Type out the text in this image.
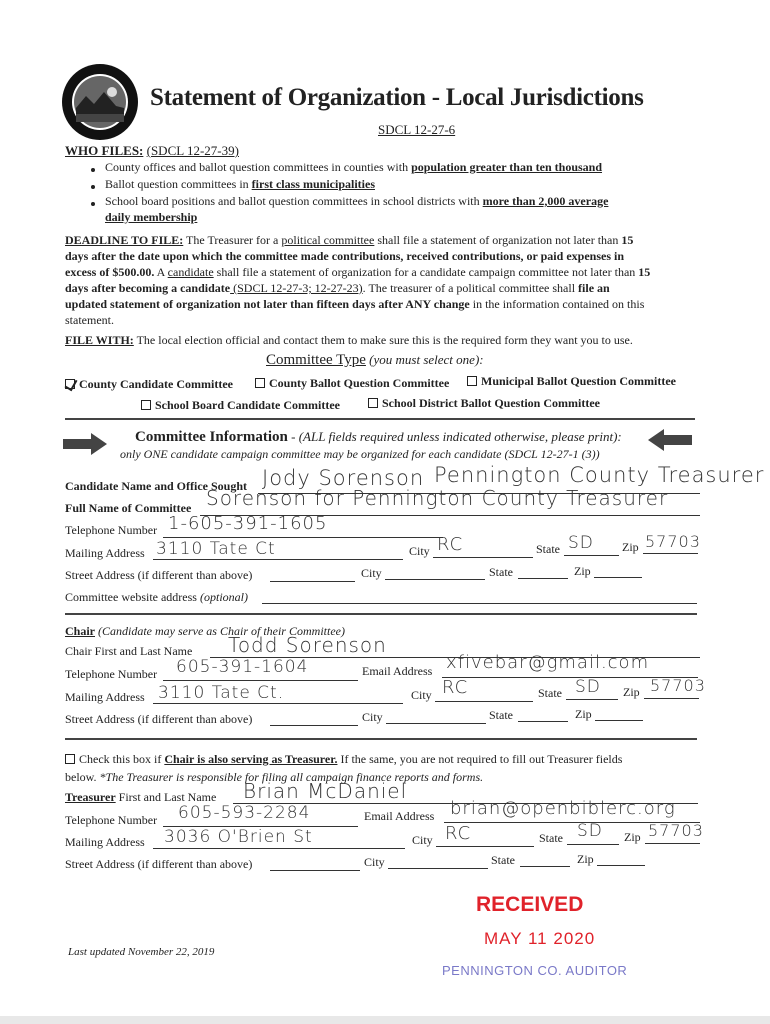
Statement of Organization - Local Jurisdictions
SDCL 12-27-6
WHO FILES: (SDCL 12-27-39)
County offices and ballot question committees in counties with population greater than ten thousand
Ballot question committees in first class municipalities
School board positions and ballot question committees in school districts with more than 2,000 average
daily membership
DEADLINE TO FILE: The Treasurer for a political committee shall file a statement of organization not later than 15
days after the date upon which the committee made contributions, received contributions, or paid expenses in
excess of $500.00. A candidate shall file a statement of organization for a candidate campaign committee not later than 15
days after becoming a candidate (SDCL 12-27-3; 12-27-23). The treasurer of a political committee shall file an
updated statement of organization not later than fifteen days after ANY change in the information contained on this
statement.
FILE WITH: The local election official and contact them to make sure this is the required form they want you to use.
Committee Type (you must select one):
County Candidate Committee	County Ballot Question Committee	Municipal Ballot Question Committee
School Board Candidate Committee	School District Ballot Question Committee
Committee Information - (ALL fields required unless indicated otherwise, please print):
only ONE candidate campaign committee may be organized for each candidate (SDCL 12-27-1 (3))
Candidate Name and Office Sought Jody Sorenson Pennington County Treasurer
Full Name of Committee Sorenson for Pennington County Treasurer
Telephone Number 1-605-391-1605
Mailing Address 3110 Tate Ct	City RC	State SD Zip 57703
Street Address (if different than above)	City	State	Zip
Committee website address (optional)
Chair (Candidate may serve as Chair of their Committee)
Chair First and Last Name Todd Sorenson
Telephone Number 605-391-1604	Email Address xfivebar@gmail.com
Mailing Address 3110 Tate Ct.	City RC	State SD Zip 57703
Street Address (if different than above)	City	State	Zip
Check this box if Chair is also serving as Treasurer. If the same, you are not required to fill out Treasurer fields
below. *The Treasurer is responsible for filing all campaign finance reports and forms.
Treasurer First and Last Name Brian McDaniel
Telephone Number 605-593-2284	Email Address brian@openbiblerc.org
Mailing Address 3036 O'Brien St	City RC	State SD Zip 57703
Street Address (if different than above)	City	State	Zip
RECEIVED
MAY 11 2020
PENNINGTON CO. AUDITOR
Last updated November 22, 2019
